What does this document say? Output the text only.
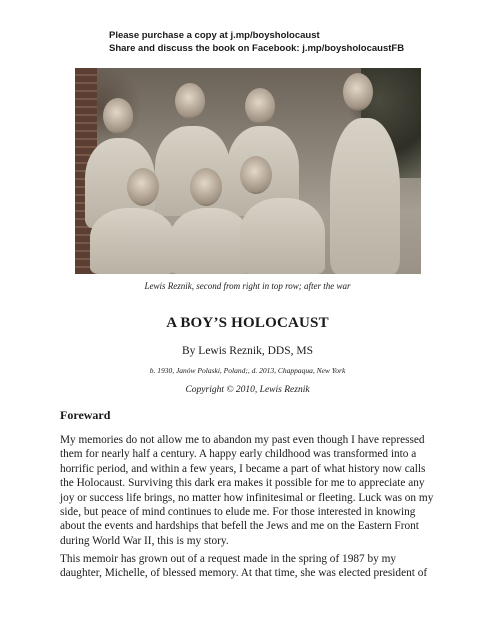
Please purchase a copy at j.mp/boysholocaust
Share and discuss the book on Facebook: j.mp/boysholocaustFB
Lewis Reznik, second from right in top row; after the war
A BOY’S HOLOCAUST
By Lewis Reznik, DDS, MS
b. 1930, Janów Polaski, Poland;, d. 2013, Chappaqua, New York
Copyright © 2010, Lewis Reznik
Foreward
My memories do not allow me to abandon my past even though I have repressed
them for nearly half a century. A happy early childhood was transformed into a
horrific period, and within a few years, I became a part of what history now calls
the Holocaust. Surviving this dark era makes it possible for me to appreciate any
joy or success life brings, no matter how infinitesimal or fleeting. Luck was on my
side, but peace of mind continues to elude me. For those interested in knowing
about the events and hardships that befell the Jews and me on the Eastern Front
during World War II, this is my story.
This memoir has grown out of a request made in the spring of 1987 by my
daughter, Michelle, of blessed memory. At that time, she was elected president of
